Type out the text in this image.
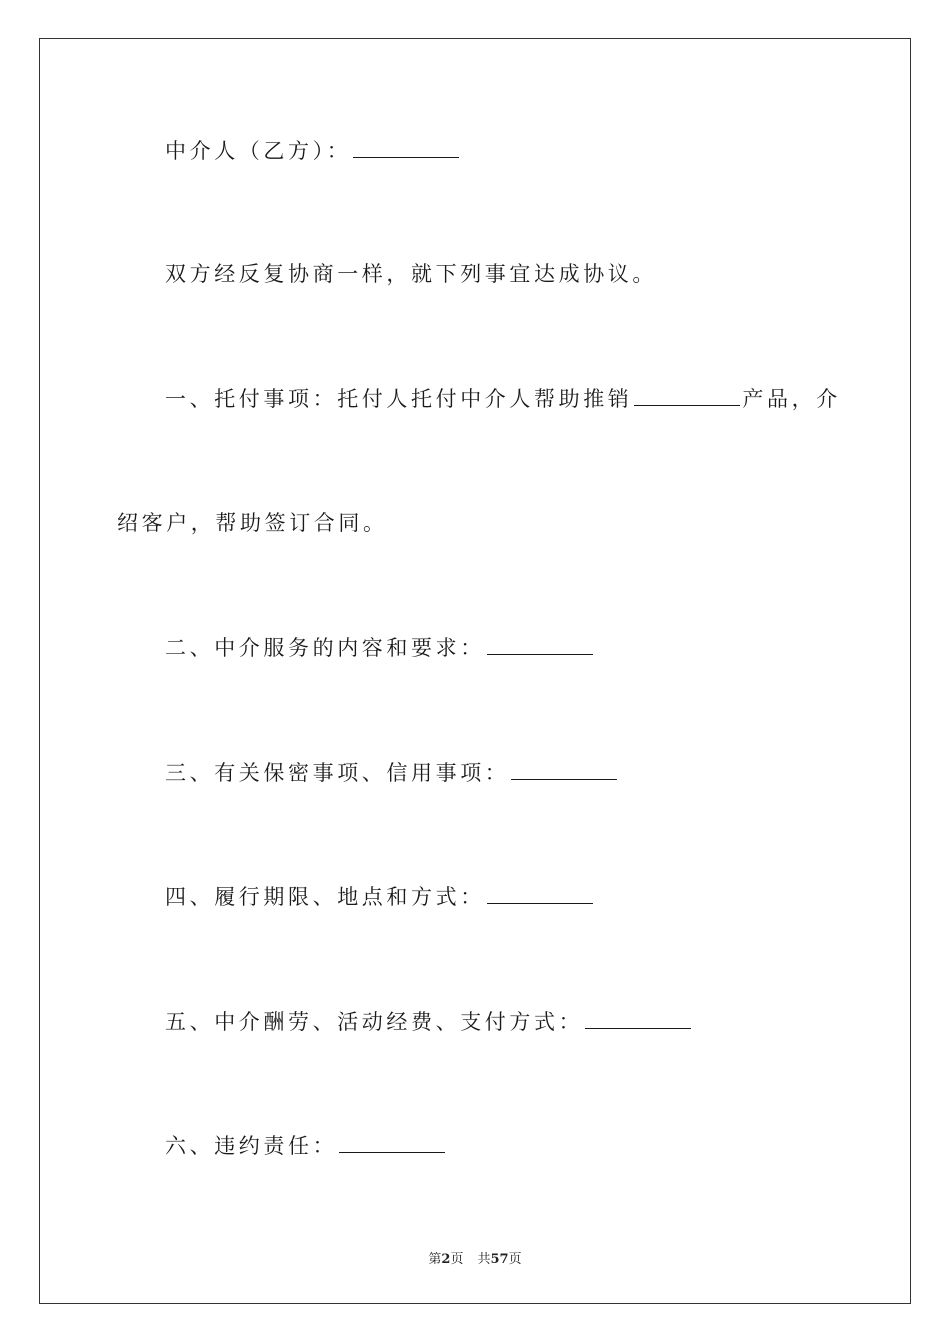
中介人（乙方）：
双方经反复协商一样，就下列事宜达成协议。
一、托付事项：托付人托付中介人帮助推销	产品，介
绍客户，帮助签订合同。
二、中介服务的内容和要求：
三、有关保密事项、信用事项：
四、履行期限、地点和方式：
五、中介酬劳、活动经费、支付方式：
六、违约责任：
第2页 共57页
